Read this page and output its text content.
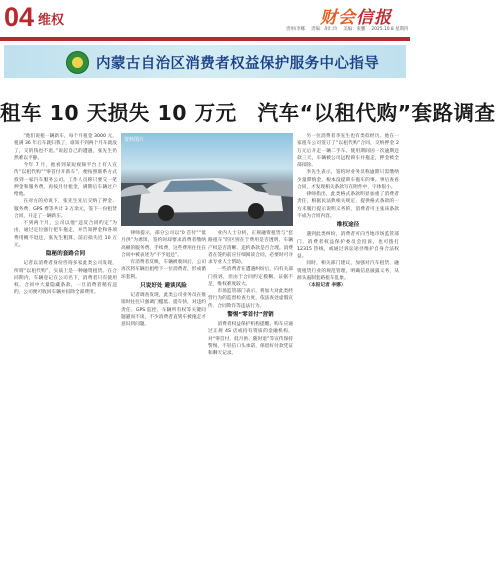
04 维权	财会信报
贵州/李娜 责编：胡仁玲 美编：张鹏 2025.10.8 星期四
内蒙古自治区消费者权益保护服务中心指导
租车 10 天损失 10 万元　汽车“以租代购”套路调查

“他们说租一辆新车，每个月租金 3000 元，租满 36 年后车就归我了，谁知不到两个月车就没了，交的钱也不退。”说起自己的遭遇，张先生仍然难以平静。

今年 7 月，他看到某短视频平台上有人宣传“以租代购”“零首付开新车”，便按照联系方式找到一家汽车服务公司。工作人员称只要交一笔押金和服务费，再按月付租金，满期后车辆过户给他。

在对方的劝说下，张先生先后交纳了押金、服务费、GPS 费等共计 3 万余元，签下一份租赁合同，开走了一辆新车。

不到两个月，公司以他“违反合同约定”为由，通过定位强行把车拖走，并告知押金和各项费用概不退还。张先生粗算，前后损失近 10 万元。

隐秘的套路合同

记者以消费者身份咨询多家此类公司发现，所谓“以租代购”，实质上是一种融资租赁。在合同期内，车辆登记在公司名下，消费者只有使用权。合同中大量隐藏条款，一旦消费者稍有违约，公司便可收回车辆并扣除全部费用。

资料图片

律师提示，部分公司以“0 首付”“低月供”为诱饵，签约时却要求消费者缴纳高额的服务费、手续费，这些费用往往在合同中被表述为“不予退还”。

有消费者反映，车辆被收回后，公司再次将车辆出租给下一位消费者，形成循环套利。

只说好处 避谈风险

记者调查发现，此类公司业务员在推销时往往只强调门槛低、提车快，对违约责任、GPS 监控、车辆所有权等关键问题避而不谈，不少消费者直到车被拖走才意识到问题。

业内人士分析，正规融资租赁与“套路租车”的区别在于费用是否透明、车辆产权是否清晰、违约条款是否合理。消费者在签约前应仔细阅读合同，必要时可寻求专业人士帮助。

一些消费者在遭遇纠纷后，向有关部门投诉，但由于合同约定模糊、证据不足，维权难度较大。

市场监管部门表示，将加大对此类经营行为的监督检查力度，依法查处虚假宣传、合同欺诈等违法行为。

警惕“零首付”营销

消费者权益保护机构提醒，购车应通过正规 4S 店或持有资质的金融机构，对“零首付、低月供、随时退”等宣传保持警惕，不轻信口头承诺，保留好付款凭证和聊天记录。

另一位消费者李先生也有类似经历。他在一家租车公司签订了“以租代购”合同，交纳押金 2 万元后开走一辆二手车。使用期间因一次逾期还款三天，车辆被公司远程锁车并拖走，押金被全部扣除。

李先生表示，签约时业务员称逾期只需缴纳少量滞纳金，根本没提锁车拖车的事。事后查看合同，才发现相关条款写在附件中，字体很小。

律师指出，此类格式条款明显加重了消费者责任，根据民法典相关规定，提供格式条款的一方未履行提示说明义务的，消费者可主张该条款不成为合同内容。

维权途径

遇到此类纠纷，消费者可向当地市场监管部门、消费者权益保护委员会投诉，也可拨打 12315 热线，或通过诉讼途径维护自身合法权益。

同时，相关部门建议，加强对汽车租赁、融资租赁行业的规范管理，明确信息披露义务，从源头遏制套路租车乱象。

（本报记者 李娜）
